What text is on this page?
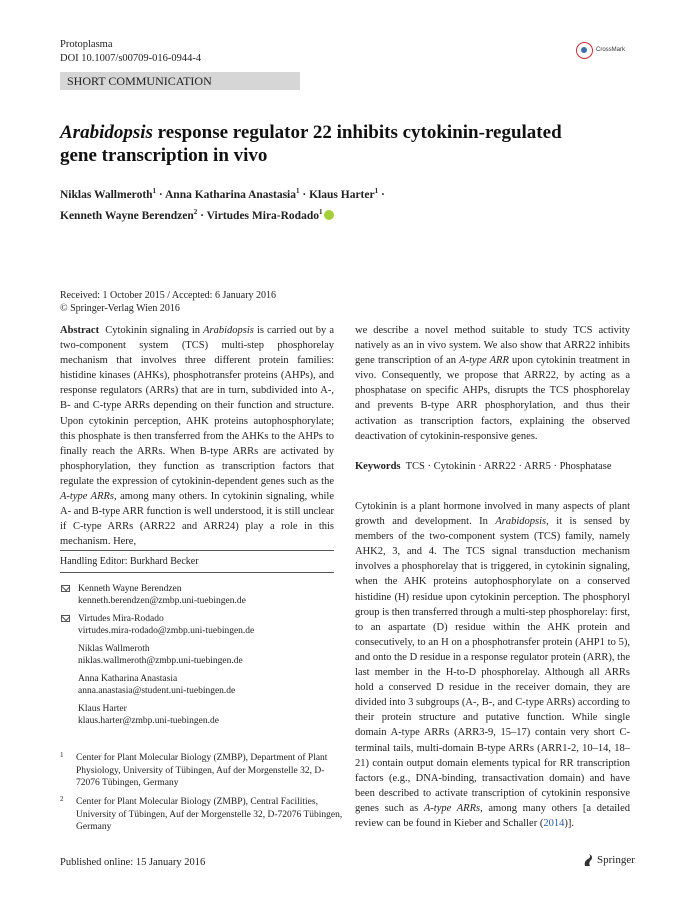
Protoplasma
DOI 10.1007/s00709-016-0944-4
CrossMark
SHORT COMMUNICATION
Arabidopsis response regulator 22 inhibits cytokinin-regulated
gene transcription in vivo
Niklas Wallmeroth$^1$ · Anna Katharina Anastasia$^1$ · Klaus Harter$^1$ ·
Kenneth Wayne Berendzen$^2$ · Virtudes Mira-Rodado$^1$
Received: 1 October 2015 / Accepted: 6 January 2016
© Springer-Verlag Wien 2016

Abstract Cytokinin signaling in Arabidopsis is carried out by a two-component system (TCS) multi-step phosphorelay mechanism that involves three different protein families: histidine kinases (AHKs), phosphotransfer proteins (AHPs), and response regulators (ARRs) that are in turn, subdivided into A-, B- and C-type ARRs depending on their function and structure. Upon cytokinin perception, AHK proteins autophosphorylate; this phosphate is then transferred from the AHKs to the AHPs to finally reach the ARRs. When B-type ARRs are activated by phosphorylation, they function as transcription factors that regulate the expression of cytokinin-dependent genes such as the A-type ARRs, among many others. In cytokinin signaling, while A- and B-type ARR function is well understood, it is still unclear if C-type ARRs (ARR22 and ARR24) play a role in this mechanism. Here,

Handling Editor: Burkhard Becker
Kenneth Wayne Berendzen
kenneth.berendzen@zmbp.uni-tuebingen.de
Virtudes Mira-Rodado
virtudes.mira-rodado@zmbp.uni-tuebingen.de
Niklas Wallmeroth
niklas.wallmeroth@zmbp.uni-tuebingen.de
Anna Katharina Anastasia
anna.anastasia@student.uni-tuebingen.de
Klaus Harter
klaus.harter@zmbp.uni-tuebingen.de
1 Center for Plant Molecular Biology (ZMBP), Department of Plant Physiology, University of Tübingen, Auf der Morgenstelle 32, D-72076 Tübingen, Germany
2 Center for Plant Molecular Biology (ZMBP), Central Facilities, University of Tübingen, Auf der Morgenstelle 32, D-72076 Tübingen, Germany

we describe a novel method suitable to study TCS activity natively as an in vivo system. We also show that ARR22 inhibits gene transcription of an A-type ARR upon cytokinin treatment in vivo. Consequently, we propose that ARR22, by acting as a phosphatase on specific AHPs, disrupts the TCS phosphorelay and prevents B-type ARR phosphorylation, and thus their activation as transcription factors, explaining the observed deactivation of cytokinin-responsive genes.

Keywords TCS · Cytokinin · ARR22 · ARR5 · Phosphatase

Cytokinin is a plant hormone involved in many aspects of plant growth and development. In Arabidopsis, it is sensed by members of the two-component system (TCS) family, namely AHK2, 3, and 4. The TCS signal transduction mechanism involves a phosphorelay that is triggered, in cytokinin signaling, when the AHK proteins autophosphorylate on a conserved histidine (H) residue upon cytokinin perception. The phosphoryl group is then transferred through a multi-step phosphorelay: first, to an aspartate (D) residue within the AHK protein and consecutively, to an H on a phosphotransfer protein (AHP1 to 5), and onto the D residue in a response regulator protein (ARR), the last member in the H-to-D phosphorelay. Although all ARRs hold a conserved D residue in the receiver domain, they are divided into 3 subgroups (A-, B-, and C-type ARRs) according to their protein structure and putative function. While single domain A-type ARRs (ARR3-9, 15–17) contain very short C-terminal tails, multi-domain B-type ARRs (ARR1-2, 10–14, 18–21) contain output domain elements typical for RR transcription factors (e.g., DNA-binding, transactivation domain) and have been described to activate transcription of cytokinin responsive genes such as A-type ARRs, among many others [a detailed review can be found in Kieber and Schaller (2014)].

Published online: 15 January 2016	Springer
